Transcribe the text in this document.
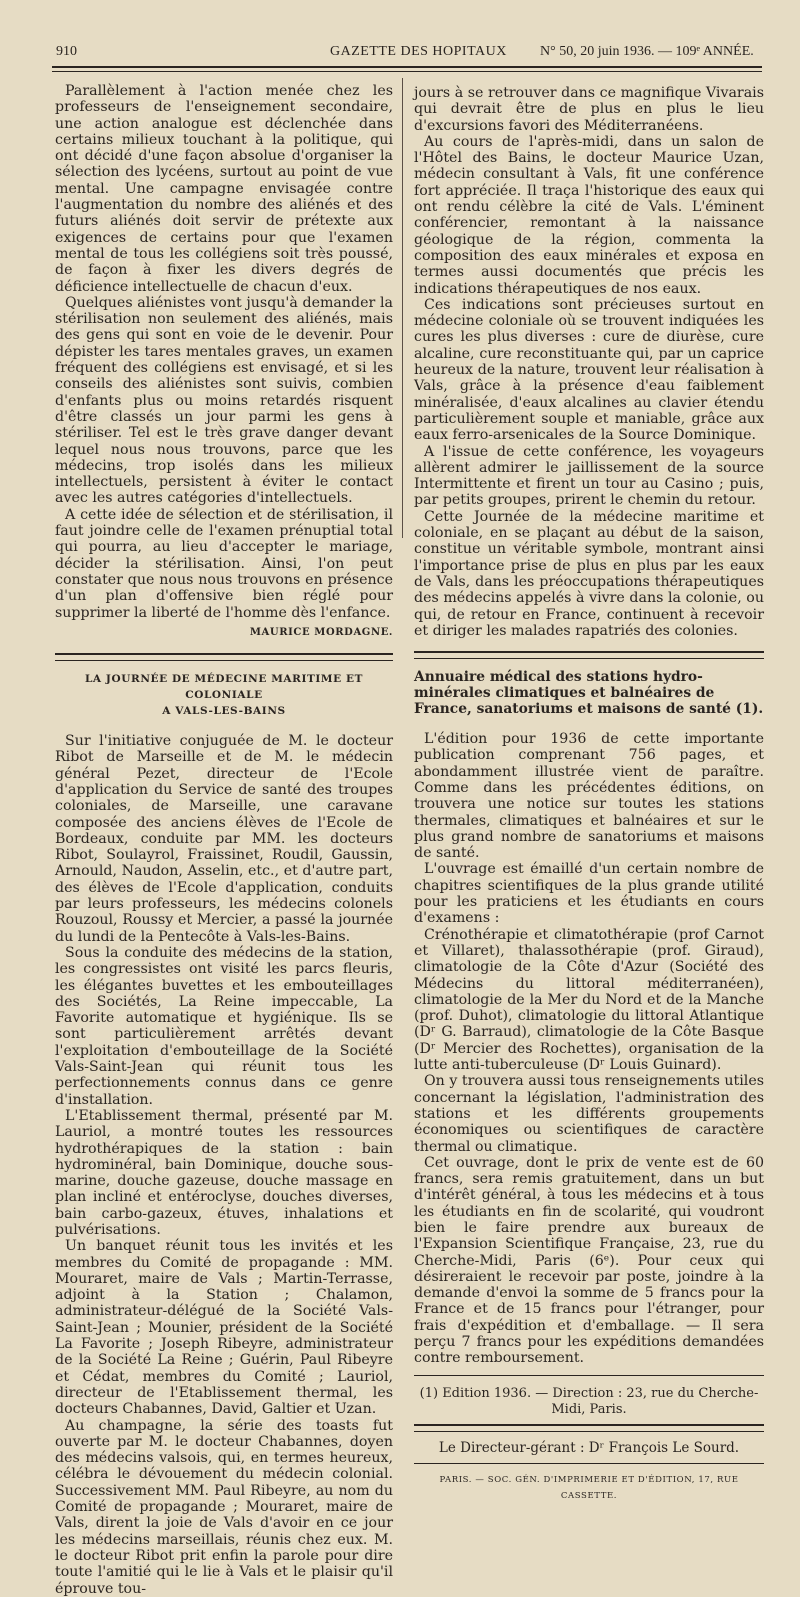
910	GAZETTE DES HOPITAUX N° 50, 20 juin 1936. — 109ᵉ ANNÉE.

Parallèlement à l'action menée chez les professeurs de l'enseignement secondaire, une action analogue est déclenchée dans certains milieux touchant à la politique, qui ont décidé d'une façon absolue d'organiser la sélection des lycéens, surtout au point de vue mental. Une campagne envisagée contre l'augmentation du nombre des aliénés et des futurs aliénés doit servir de prétexte aux exigences de certains pour que l'examen mental de tous les collégiens soit très poussé, de façon à fixer les divers degrés de déficience intellectuelle de chacun d'eux.

Quelques aliénistes vont jusqu'à demander la stérilisation non seulement des aliénés, mais des gens qui sont en voie de le devenir. Pour dépister les tares mentales graves, un examen fréquent des collégiens est envisagé, et si les conseils des aliénistes sont suivis, combien d'enfants plus ou moins retardés risquent d'être classés un jour parmi les gens à stériliser. Tel est le très grave danger devant lequel nous nous trouvons, parce que les médecins, trop isolés dans les milieux intellectuels, persistent à éviter le contact avec les autres catégories d'intellectuels.

A cette idée de sélection et de stérilisation, il faut joindre celle de l'examen prénuptial total qui pourra, au lieu d'accepter le mariage, décider la stérilisation. Ainsi, l'on peut constater que nous nous trouvons en présence d'un plan d'offensive bien réglé pour supprimer la liberté de l'homme dès l'enfance.

MAURICE MORDAGNE.
LA JOURNÉE DE MÉDECINE MARITIME ET COLONIALE
A VALS-LES-BAINS

Sur l'initiative conjuguée de M. le docteur Ribot de Marseille et de M. le médecin général Pezet, directeur de l'Ecole d'application du Service de santé des troupes coloniales, de Marseille, une caravane composée des anciens élèves de l'Ecole de Bordeaux, conduite par MM. les docteurs Ribot, Soulayrol, Fraissinet, Roudil, Gaussin, Arnould, Naudon, Asselin, etc., et d'autre part, des élèves de l'Ecole d'application, conduits par leurs professeurs, les médecins colonels Rouzoul, Roussy et Mercier, a passé la journée du lundi de la Pentecôte à Vals-les-Bains.

Sous la conduite des médecins de la station, les congressistes ont visité les parcs fleuris, les élégantes buvettes et les embouteillages des Sociétés, La Reine impeccable, La Favorite automatique et hygiénique. Ils se sont particulièrement arrêtés devant l'exploitation d'embouteillage de la Société Vals-Saint-Jean qui réunit tous les perfectionnements connus dans ce genre d'installation.

L'Etablissement thermal, présenté par M. Lauriol, a montré toutes les ressources hydrothérapiques de la station : bain hydrominéral, bain Dominique, douche sous-marine, douche gazeuse, douche massage en plan incliné et entéroclyse, douches diverses, bain carbo-gazeux, étuves, inhalations et pulvérisations.

Un banquet réunit tous les invités et les membres du Comité de propagande : MM. Mouraret, maire de Vals ; Martin-Terrasse, adjoint à la Station ; Chalamon, administrateur-délégué de la Société Vals-Saint-Jean ; Mounier, président de la Société La Favorite ; Joseph Ribeyre, administrateur de la Société La Reine ; Guérin, Paul Ribeyre et Cédat, membres du Comité ; Lauriol, directeur de l'Etablissement thermal, les docteurs Chabannes, David, Galtier et Uzan.

Au champagne, la série des toasts fut ouverte par M. le docteur Chabannes, doyen des médecins valsois, qui, en termes heureux, célébra le dévouement du médecin colonial. Successivement MM. Paul Ribeyre, au nom du Comité de propagande ; Mouraret, maire de Vals, dirent la joie de Vals d'avoir en ce jour les médecins marseillais, réunis chez eux. M. le docteur Ribot prit enfin la parole pour dire toute l'amitié qui le lie à Vals et le plaisir qu'il éprouve tou-

jours à se retrouver dans ce magnifique Vivarais qui devrait être de plus en plus le lieu d'excursions favori des Méditerranéens.

Au cours de l'après-midi, dans un salon de l'Hôtel des Bains, le docteur Maurice Uzan, médecin consultant à Vals, fit une conférence fort appréciée. Il traça l'historique des eaux qui ont rendu célèbre la cité de Vals. L'éminent conférencier, remontant à la naissance géologique de la région, commenta la composition des eaux minérales et exposa en termes aussi documentés que précis les indications thérapeutiques de nos eaux.

Ces indications sont précieuses surtout en médecine coloniale où se trouvent indiquées les cures les plus diverses : cure de diurèse, cure alcaline, cure reconstituante qui, par un caprice heureux de la nature, trouvent leur réalisation à Vals, grâce à la présence d'eau faiblement minéralisée, d'eaux alcalines au clavier étendu particulièrement souple et maniable, grâce aux eaux ferro-arsenicales de la Source Dominique.

A l'issue de cette conférence, les voyageurs allèrent admirer le jaillissement de la source Intermittente et firent un tour au Casino ; puis, par petits groupes, prirent le chemin du retour.

Cette Journée de la médecine maritime et coloniale, en se plaçant au début de la saison, constitue un véritable symbole, montrant ainsi l'importance prise de plus en plus par les eaux de Vals, dans les préoccupations thérapeutiques des médecins appelés à vivre dans la colonie, ou qui, de retour en France, continuent à recevoir et diriger les malades rapatriés des colonies.

Annuaire médical des stations hydro-minérales climatiques et balnéaires de France, sanatoriums et maisons de santé (1).

L'édition pour 1936 de cette importante publication comprenant 756 pages, et abondamment illustrée vient de paraître. Comme dans les précédentes éditions, on trouvera une notice sur toutes les stations thermales, climatiques et balnéaires et sur le plus grand nombre de sanatoriums et maisons de santé.

L'ouvrage est émaillé d'un certain nombre de chapitres scientifiques de la plus grande utilité pour les praticiens et les étudiants en cours d'examens :

Crénothérapie et climatothérapie (prof Carnot et Villaret), thalassothérapie (prof. Giraud), climatologie de la Côte d'Azur (Société des Médecins du littoral méditerranéen), climatologie de la Mer du Nord et de la Manche (prof. Duhot), climatologie du littoral Atlantique (Dʳ G. Barraud), climatologie de la Côte Basque (Dʳ Mercier des Rochettes), organisation de la lutte anti-tuberculeuse (Dʳ Louis Guinard).

On y trouvera aussi tous renseignements utiles concernant la législation, l'administration des stations et les différents groupements économiques ou scientifiques de caractère thermal ou climatique.

Cet ouvrage, dont le prix de vente est de 60 francs, sera remis gratuitement, dans un but d'intérêt général, à tous les médecins et à tous les étudiants en fin de scolarité, qui voudront bien le faire prendre aux bureaux de l'Expansion Scientifique Française, 23, rue du Cherche-Midi, Paris (6ᵉ). Pour ceux qui désireraient le recevoir par poste, joindre à la demande d'envoi la somme de 5 francs pour la France et de 15 francs pour l'étranger, pour frais d'expédition et d'emballage. — Il sera perçu 7 francs pour les expéditions demandées contre remboursement.

(1) Edition 1936. — Direction : 23, rue du Cherche-Midi, Paris.
Le Directeur-gérant : Dʳ François Le Sourd.
PARIS. — SOC. GÉN. D'IMPRIMERIE ET D'ÉDITION, 17, RUE CASSETTE.
